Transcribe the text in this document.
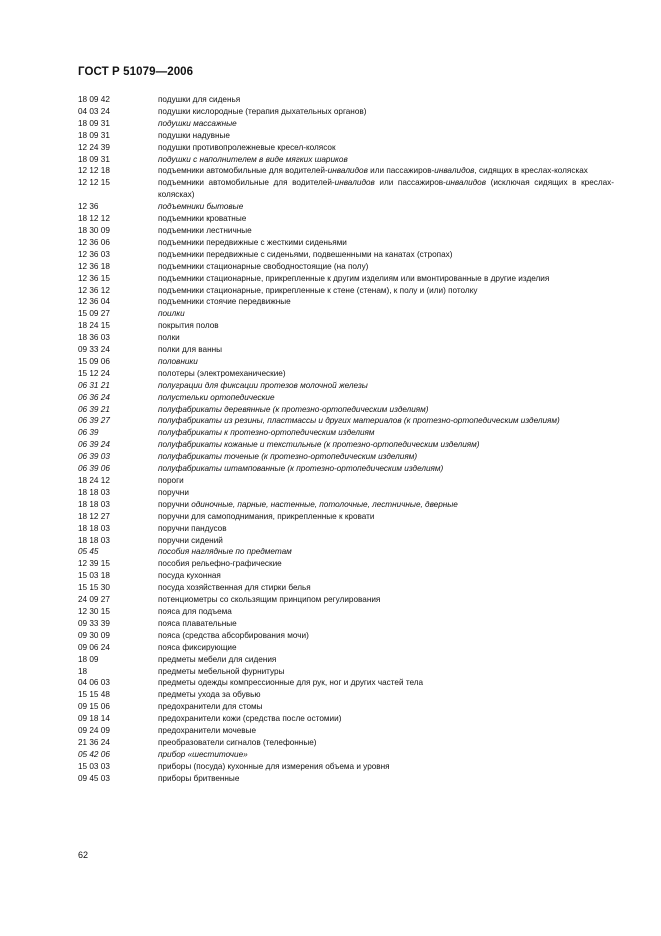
ГОСТ Р 51079—2006
18 09 42	подушки для сиденья
04 03 24	подушки кислородные (терапия дыхательных органов)
18 09 31	подушки массажные
18 09 31	подушки надувные
12 24 39	подушки противопролежневые кресел-колясок
18 09 31	подушки с наполнителем в виде мягких шариков
12 12 18	подъемники автомобильные для водителей-инвалидов или пассажиров-инвалидов, сидящих в креслах-колясках
12 12 15	подъемники автомобильные для водителей-инвалидов или пассажиров-инвалидов (исключая сидящих в креслах-колясках)
12 36	подъемники бытовые
18 12 12	подъемники кроватные
18 30 09	подъемники лестничные
12 36 06	подъемники передвижные с жесткими сиденьями
12 36 03	подъемники передвижные с сиденьями, подвешенными на канатах (стропах)
12 36 18	подъемники стационарные свободностоящие (на полу)
12 36 15	подъемники стационарные, прикрепленные к другим изделиям или вмонтированные в другие изделия
12 36 12	подъемники стационарные, прикрепленные к стене (стенам), к полу и (или) потолку
12 36 04	подъемники стоячие передвижные
15 09 27	поилки
18 24 15	покрытия полов
18 36 03	полки
09 33 24	полки для ванны
15 09 06	половники
15 12 24	полотеры (электромеханические)
06 31 21	полуграции для фиксации протезов молочной железы
06 36 24	полустельки ортопедические
06 39 21	полуфабрикаты деревянные (к протезно-ортопедическим изделиям)
06 39 27	полуфабрикаты из резины, пластмассы и других материалов (к протезно-ортопедическим изделиям)
06 39	полуфабрикаты к протезно-ортопедическим изделиям
06 39 24	полуфабрикаты кожаные и текстильные (к протезно-ортопедическим изделиям)
06 39 03	полуфабрикаты точеные (к протезно-ортопедическим изделиям)
06 39 06	полуфабрикаты штампованные (к протезно-ортопедическим изделиям)
18 24 12	пороги
18 18 03	поручни
18 18 03	поручни одиночные, парные, настенные, потолочные, лестничные, дверные
18 12 27	поручни для самоподнимания, прикрепленные к кровати
18 18 03	поручни пандусов
18 18 03	поручни сидений
05 45	пособия наглядные по предметам
12 39 15	пособия рельефно-графические
15 03 18	посуда кухонная
15 15 30	посуда хозяйственная для стирки белья
24 09 27	потенциометры со скользящим принципом регулирования
12 30 15	пояса для подъема
09 33 39	пояса плавательные
09 30 09	пояса (средства абсорбирования мочи)
09 06 24	пояса фиксирующие
18 09	предметы мебели для сидения
18	предметы мебельной фурнитуры
04 06 03	предметы одежды компрессионные для рук, ног и других частей тела
15 15 48	предметы ухода за обувью
09 15 06	предохранители для стомы
09 18 14	предохранители кожи (средства после остомии)
09 24 09	предохранители мочевые
21 36 24	преобразователи сигналов (телефонные)
05 42 06	прибор «шеститочие»
15 03 03	приборы (посуда) кухонные для измерения объема и уровня
09 45 03	приборы бритвенные
62
